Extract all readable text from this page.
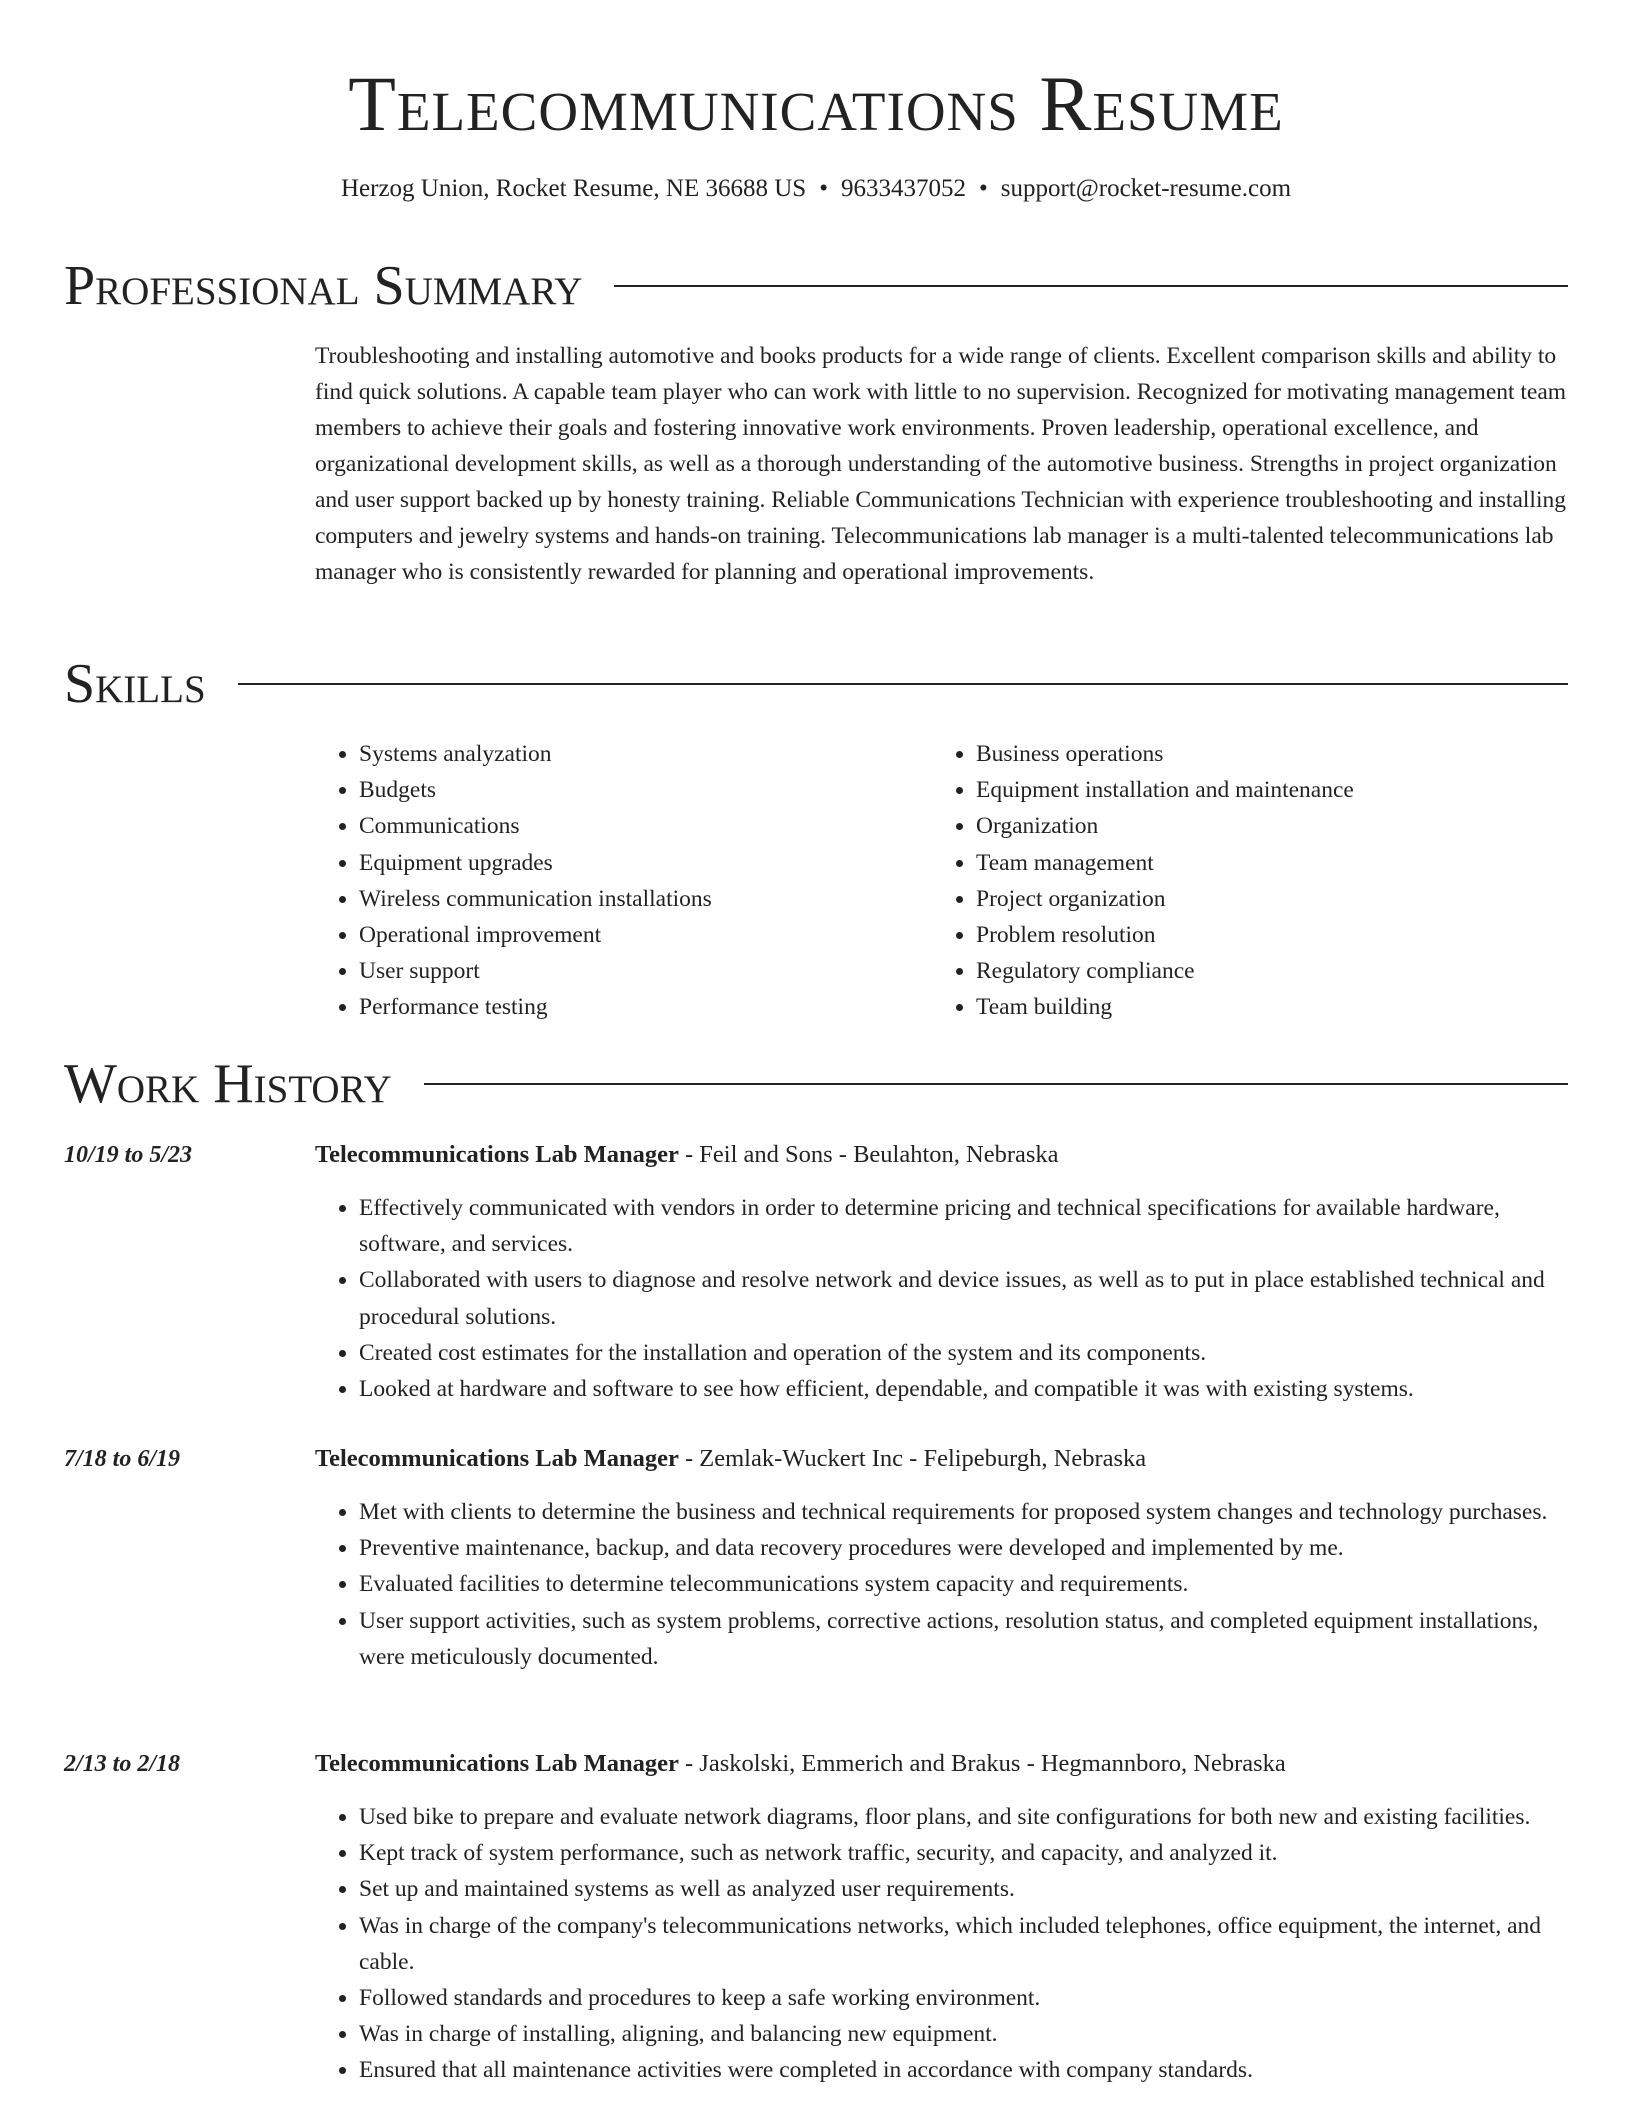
Telecommunications Resume
Herzog Union, Rocket Resume, NE 36688 US • 9633437052 • support@rocket-resume.com
Professional Summary

Troubleshooting and installing automotive and books products for a wide range of clients. Excellent comparison skills and ability to find quick solutions. A capable team player who can work with little to no supervision. Recognized for motivating management team members to achieve their goals and fostering innovative work environments. Proven leadership, operational excellence, and organizational development skills, as well as a thorough understanding of the automotive business. Strengths in project organization and user support backed up by honesty training. Reliable Communications Technician with experience troubleshooting and installing computers and jewelry systems and hands-on training. Telecommunications lab manager is a multi-talented telecommunications lab manager who is consistently rewarded for planning and operational improvements.

Skills
• Systems analyzation
• Budgets
• Communications
• Equipment upgrades
• Wireless communication installations
• Operational improvement
• User support
• Performance testing
• Business operations
• Equipment installation and maintenance
• Organization
• Team management
• Project organization
• Problem resolution
• Regulatory compliance
• Team building
Work History
10/19 to 5/23	Telecommunications Lab Manager - Feil and Sons - Beulahton, Nebraska
• Effectively communicated with vendors in order to determine pricing and technical specifications for available hardware, software, and services.
• Collaborated with users to diagnose and resolve network and device issues, as well as to put in place established technical and procedural solutions.
• Created cost estimates for the installation and operation of the system and its components.
• Looked at hardware and software to see how efficient, dependable, and compatible it was with existing systems.
7/18 to 6/19	Telecommunications Lab Manager - Zemlak-Wuckert Inc - Felipeburgh, Nebraska
• Met with clients to determine the business and technical requirements for proposed system changes and technology purchases.
• Preventive maintenance, backup, and data recovery procedures were developed and implemented by me.
• Evaluated facilities to determine telecommunications system capacity and requirements.
• User support activities, such as system problems, corrective actions, resolution status, and completed equipment installations, were meticulously documented.
2/13 to 2/18	Telecommunications Lab Manager - Jaskolski, Emmerich and Brakus - Hegmannboro, Nebraska
• Used bike to prepare and evaluate network diagrams, floor plans, and site configurations for both new and existing facilities.
• Kept track of system performance, such as network traffic, security, and capacity, and analyzed it.
• Set up and maintained systems as well as analyzed user requirements.
• Was in charge of the company's telecommunications networks, which included telephones, office equipment, the internet, and cable.
• Followed standards and procedures to keep a safe working environment.
• Was in charge of installing, aligning, and balancing new equipment.
• Ensured that all maintenance activities were completed in accordance with company standards.
